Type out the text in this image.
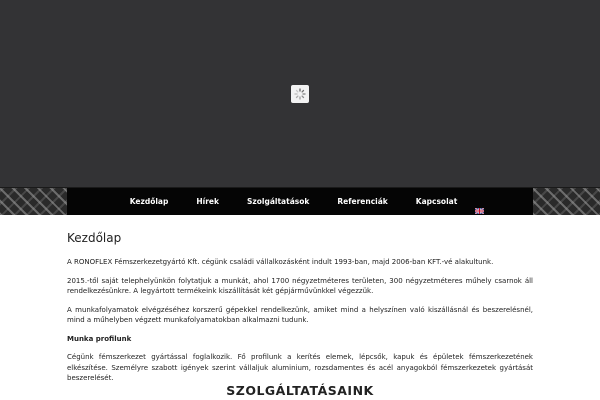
Kezdőlap	Hírek	Szolgáltatások	Referenciák	Kapcsolat
Kezdőlap

A RONOFLEX Fémszerkezetgyártó Kft. cégünk családi vállalkozásként indult 1993-ban, majd 2006-ban KFT.-vé alakultunk.

2015.-től saját telephelyünkön folytatjuk a munkát, ahol 1700 négyzetméteres területen, 300 négyzetméteres műhely csarnok áll rendelkezésünkre. A legyártott termékeink kiszállítását két gépjárművünkkel végezzük.

A munkafolyamatok elvégzéséhez korszerű gépekkel rendelkezünk, amiket mind a helyszínen való kiszállásnál és beszerelésnél, mind a műhelyben végzett munkafolyamatokban alkalmazni tudunk.

Munka profilunk

Cégünk fémszerkezet gyártással foglalkozik. Fő profilunk a kerítés elemek, lépcsők, kapuk és épületek fémszerkezetének elkészítése. Személyre szabott igények szerint vállaljuk aluminium, rozsdamentes és acél anyagokból fémszerkezetek gyártását beszerelését.

SZOLGÁLTATÁSAINK
